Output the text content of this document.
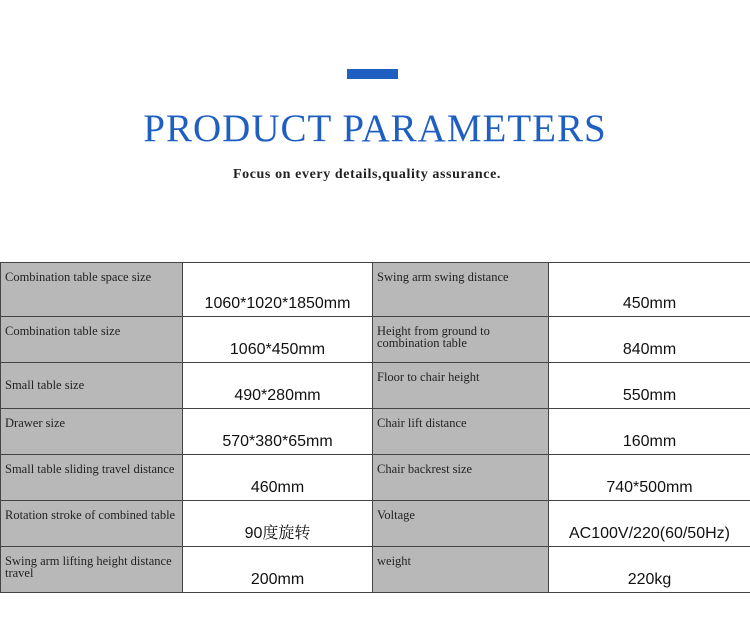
PRODUCT PARAMETERS
Focus on every details,quality assurance.
Combination table space size	1060*1020*1850mm	Swing arm swing distance	450mm
Combination table size	1060*450mm	Height from ground to combination table	840mm
Small table size	490*280mm	Floor to chair height	550mm
Drawer size	570*380*65mm	Chair lift distance	160mm
Small table sliding travel distance	460mm	Chair backrest size	740*500mm
Rotation stroke of combined table	90度旋转	Voltage	AC100V/220(60/50Hz)
Swing arm lifting height distance travel	200mm	weight	220kg
